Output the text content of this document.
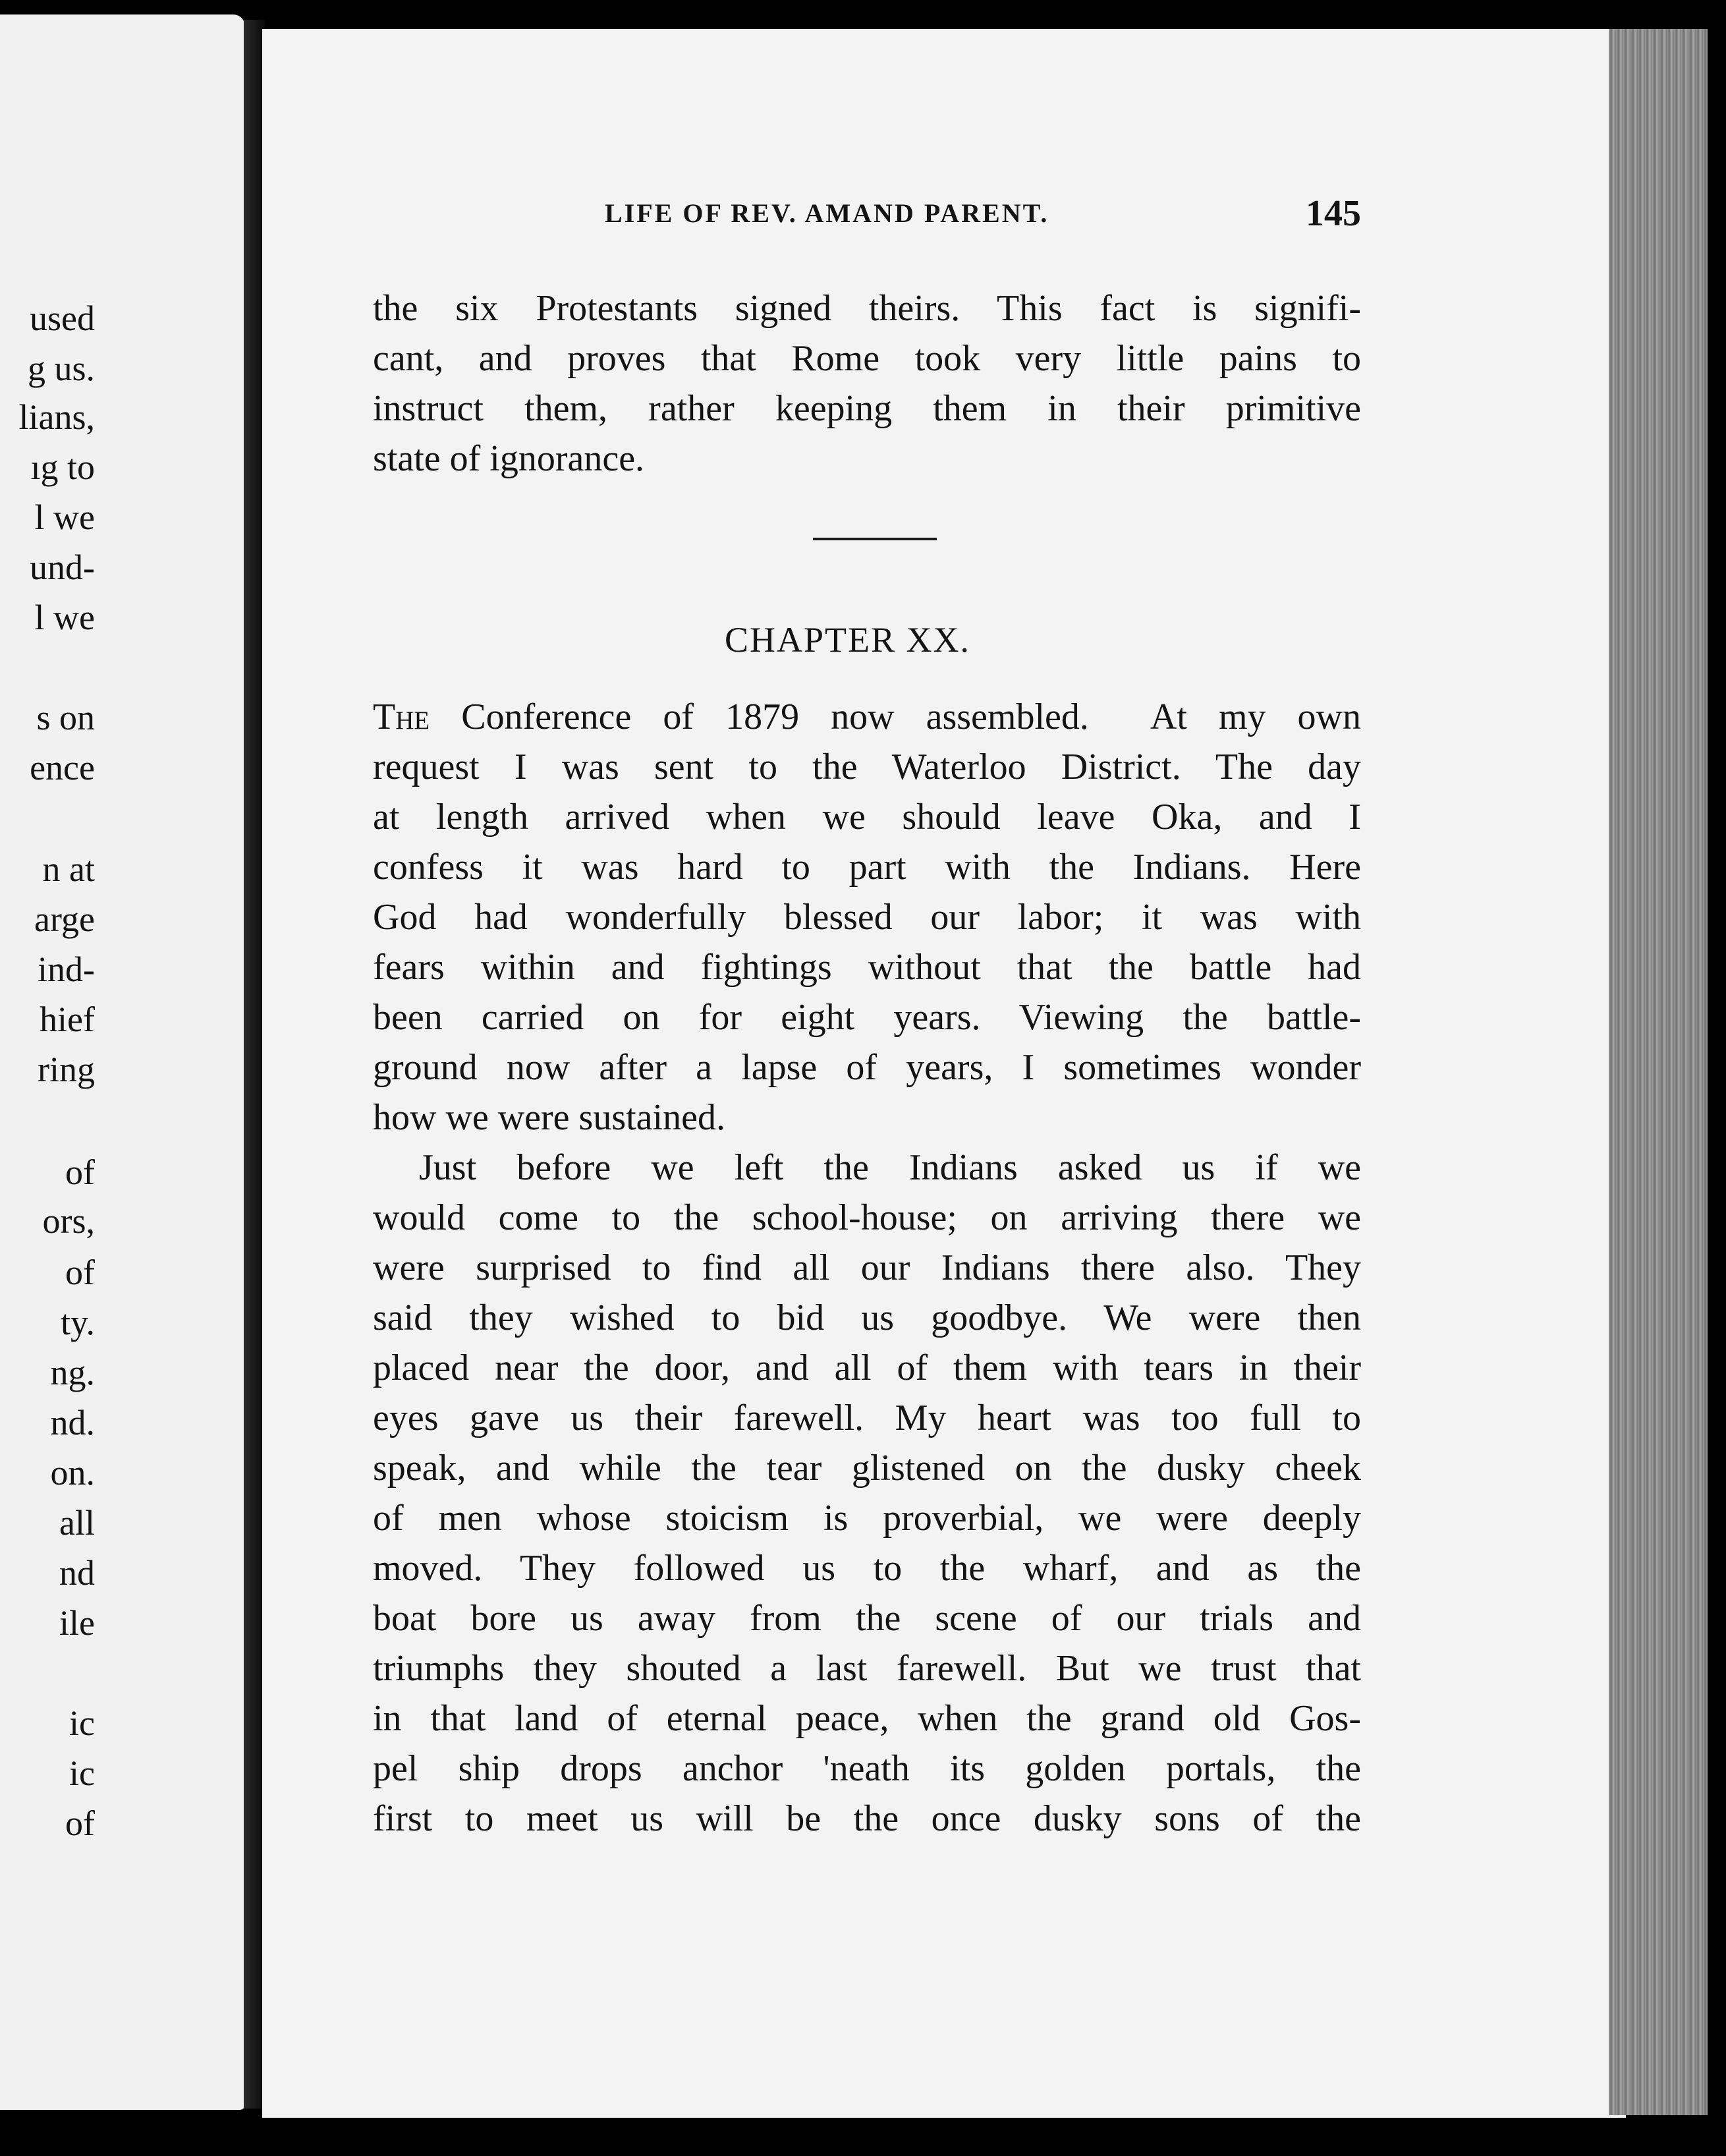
used
g us.
lians,
ıg to
l we
und-
l we
s on
ence
n at
arge
ind-
hief
ring
of
ors,
of
ty.
ng.
nd.
on.
all
nd
ile
ic
ic
of
LIFE OF REV. AMAND PARENT.	145
the six Protestants signed theirs. This fact is signifi-
cant, and proves that Rome took very little pains to
instruct them, rather keeping them in their primitive
state of ignorance.
CHAPTER XX.
The Conference of 1879 now assembled.  At my own
request I was sent to the Waterloo District. The day
at length arrived when we should leave Oka, and I
confess it was hard to part with the Indians. Here
God had wonderfully blessed our labor; it was with
fears within and fightings without that the battle had
been carried on for eight years. Viewing the battle-
ground now after a lapse of years, I sometimes wonder
how we were sustained.
Just before we left the Indians asked us if we
would come to the school-house; on arriving there we
were surprised to find all our Indians there also. They
said they wished to bid us goodbye. We were then
placed near the door, and all of them with tears in their
eyes gave us their farewell. My heart was too full to
speak, and while the tear glistened on the dusky cheek
of men whose stoicism is proverbial, we were deeply
moved. They followed us to the wharf, and as the
boat bore us away from the scene of our trials and
triumphs they shouted a last farewell. But we trust that
in that land of eternal peace, when the grand old Gos-
pel ship drops anchor 'neath its golden portals, the
first to meet us will be the once dusky sons of the
